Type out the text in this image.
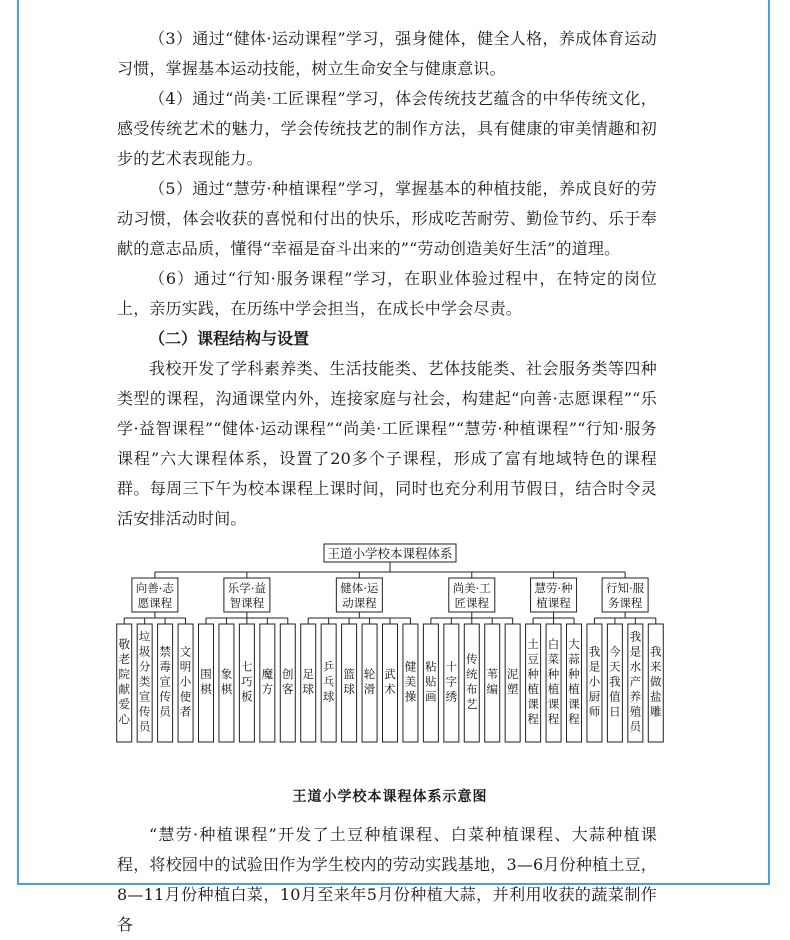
（3）通过“健体·运动课程”学习，强身健体，健全人格，养成体育运动习惯，掌握基本运动技能，树立生命安全与健康意识。

（4）通过“尚美·工匠课程”学习，体会传统技艺蕴含的中华传统文化，感受传统艺术的魅力，学会传统技艺的制作方法，具有健康的审美情趣和初步的艺术表现能力。

（5）通过“慧劳·种植课程”学习，掌握基本的种植技能，养成良好的劳动习惯，体会收获的喜悦和付出的快乐，形成吃苦耐劳、勤俭节约、乐于奉献的意志品质，懂得“幸福是奋斗出来的”“劳动创造美好生活”的道理。

（6）通过“行知·服务课程”学习，在职业体验过程中，在特定的岗位上，亲历实践，在历练中学会担当，在成长中学会尽责。

（二）课程结构与设置

我校开发了学科素养类、生活技能类、艺体技能类、社会服务类等四种类型的课程，沟通课堂内外，连接家庭与社会，构建起“向善·志愿课程”“乐学·益智课程”“健体·运动课程”“尚美·工匠课程”“慧劳·种植课程”“行知·服务课程”六大课程体系，设置了20多个子课程，形成了富有地域特色的课程群。每周三下午为校本课程上课时间，同时也充分利用节假日，结合时令灵活安排活动时间。

王道小学校本课程体系
向善·志
愿课程
乐学·益
智课程
健体·运
动课程
尚美·工
匠课程
慧劳·种
植课程
行知·服
务课程
敬老院献爱心
垃圾分类宣传员
禁毒宣传员
文明小使者
围棋
象棋
七巧板
魔方
创客
足球
乒乓球
篮球
轮滑
武术
健美操
粘贴画
十字绣
传统布艺
苇编
泥塑
土豆种植课程
白菜种植课程
大蒜种植课程
我是小厨师
今天我值日
我是水产养殖员
我来做盐雕
王道小学校本课程体系示意图

“慧劳·种植课程”开发了土豆种植课程、白菜种植课程、大蒜种植课程，将校园中的试验田作为学生校内的劳动实践基地，3—6月份种植土豆，8—11月份种植白菜，10月至来年5月份种植大蒜，并利用收获的蔬菜制作各
